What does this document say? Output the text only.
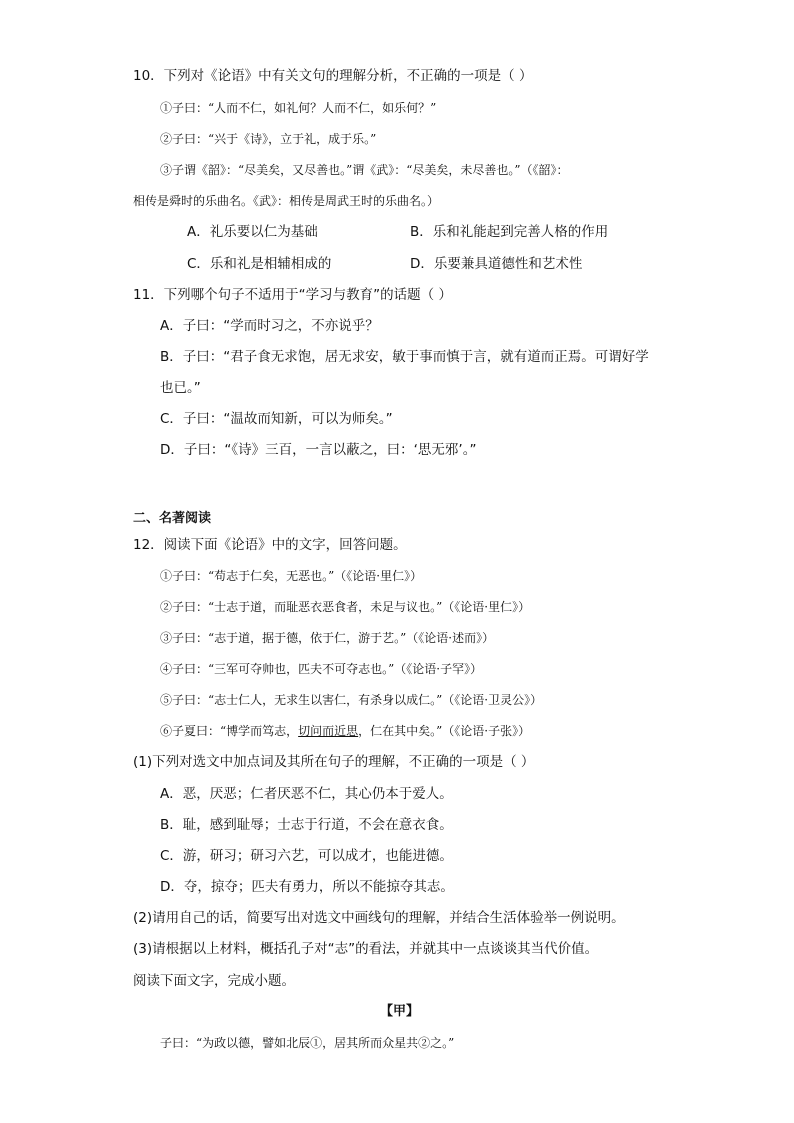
10．下列对《论语》中有关文句的理解分析，不正确的一项是（ ）
①子曰：“人而不仁，如礼何？人而不仁，如乐何？”
②子曰：“兴于《诗》，立于礼，成于乐。”
③子谓《韶》：“尽美矣，又尽善也。”谓《武》：“尽美矣，未尽善也。”（《韶》：
相传是舜时的乐曲名。《武》：相传是周武王时的乐曲名。）
A．礼乐要以仁为基础	B．乐和礼能起到完善人格的作用
C．乐和礼是相辅相成的	D．乐要兼具道德性和艺术性
11．下列哪个句子不适用于“学习与教育”的话题（ ）
A．子曰：“学而时习之，不亦说乎？
B．子曰：“君子食无求饱，居无求安，敏于事而慎于言，就有道而正焉。可谓好学
也已。”
C．子曰：“温故而知新，可以为师矣。”
D．子曰：“《诗》三百，一言以蔽之，曰：‘思无邪’。”
二、名著阅读
12．阅读下面《论语》中的文字，回答问题。
①子曰：“苟志于仁矣，无恶也。”（《论语·里仁》）
②子曰：“士志于道，而耻恶衣恶食者，未足与议也。”（《论语·里仁》）
③子曰：“志于道，据于德，依于仁，游于艺。”（《论语·述而》）
④子曰：“三军可夺帅也，匹夫不可夺志也。”（《论语·子罕》）
⑤子曰：“志士仁人，无求生以害仁，有杀身以成仁。”（《论语·卫灵公》）
⑥子夏曰：“博学而笃志，切问而近思，仁在其中矣。”（《论语·子张》）
(1)下列对选文中加点词及其所在句子的理解，不正确的一项是（ ）
A．恶，厌恶；仁者厌恶不仁，其心仍本于爱人。
B．耻，感到耻辱；士志于行道，不会在意衣食。
C．游，研习；研习六艺，可以成才，也能进德。
D．夺，掠夺；匹夫有勇力，所以不能掠夺其志。
(2)请用自己的话，简要写出对选文中画线句的理解，并结合生活体验举一例说明。
(3)请根据以上材料，概括孔子对“志”的看法，并就其中一点谈谈其当代价值。
阅读下面文字，完成小题。
【甲】
子曰：“为政以德，譬如北辰①，居其所而众星共②之。”
